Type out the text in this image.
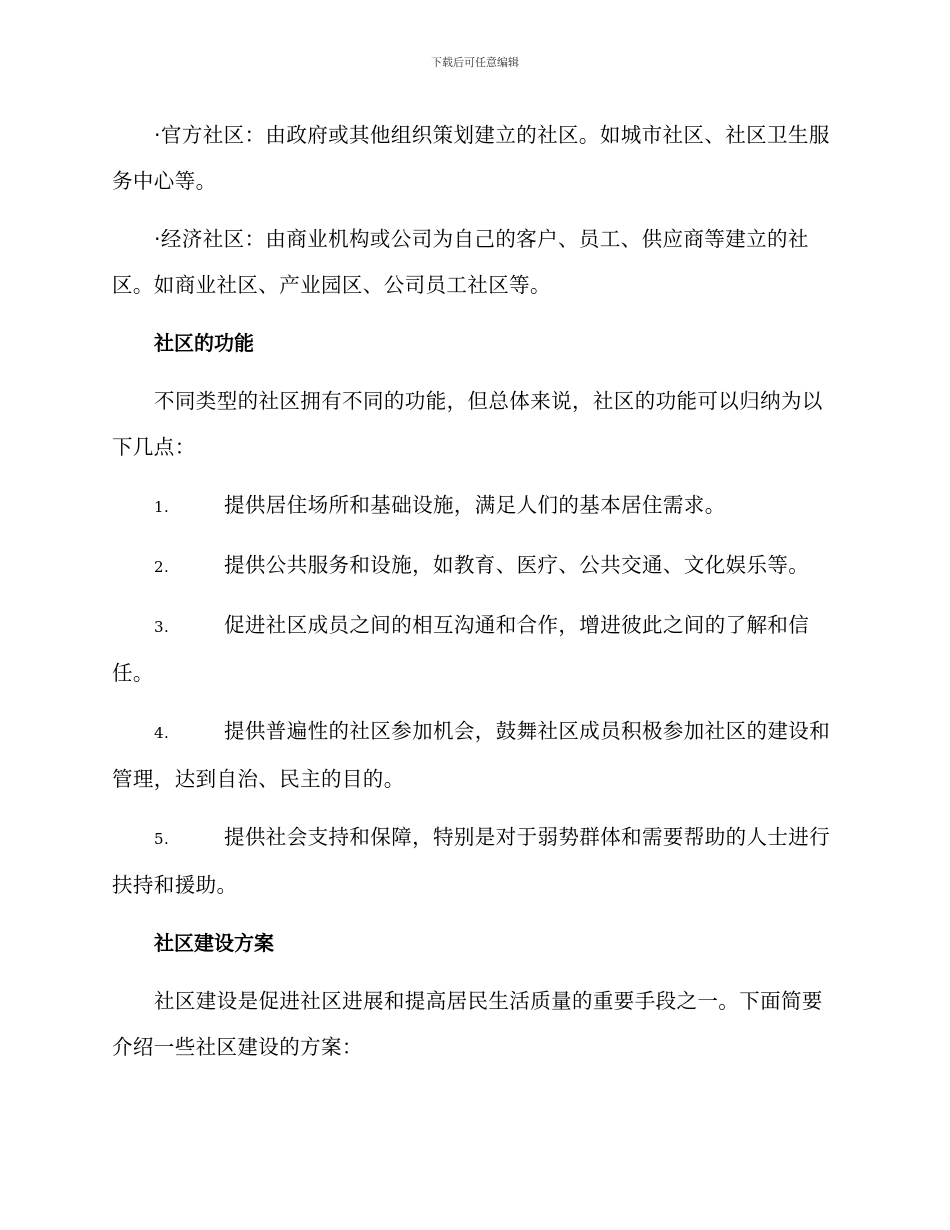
下载后可任意编辑

·官方社区：由政府或其他组织策划建立的社区。如城市社区、社区卫生服务中心等。

·经济社区：由商业机构或公司为自己的客户、员工、供应商等建立的社区。如商业社区、产业园区、公司员工社区等。

社区的功能

不同类型的社区拥有不同的功能，但总体来说，社区的功能可以归纳为以下几点：

1.	提供居住场所和基础设施，满足人们的基本居住需求。

2.	提供公共服务和设施，如教育、医疗、公共交通、文化娱乐等。

3.	促进社区成员之间的相互沟通和合作，增进彼此之间的了解和信任。

4.	提供普遍性的社区参加机会，鼓舞社区成员积极参加社区的建设和管理，达到自治、民主的目的。

5.	提供社会支持和保障，特别是对于弱势群体和需要帮助的人士进行扶持和援助。

社区建设方案

社区建设是促进社区进展和提高居民生活质量的重要手段之一。下面简要介绍一些社区建设的方案：
